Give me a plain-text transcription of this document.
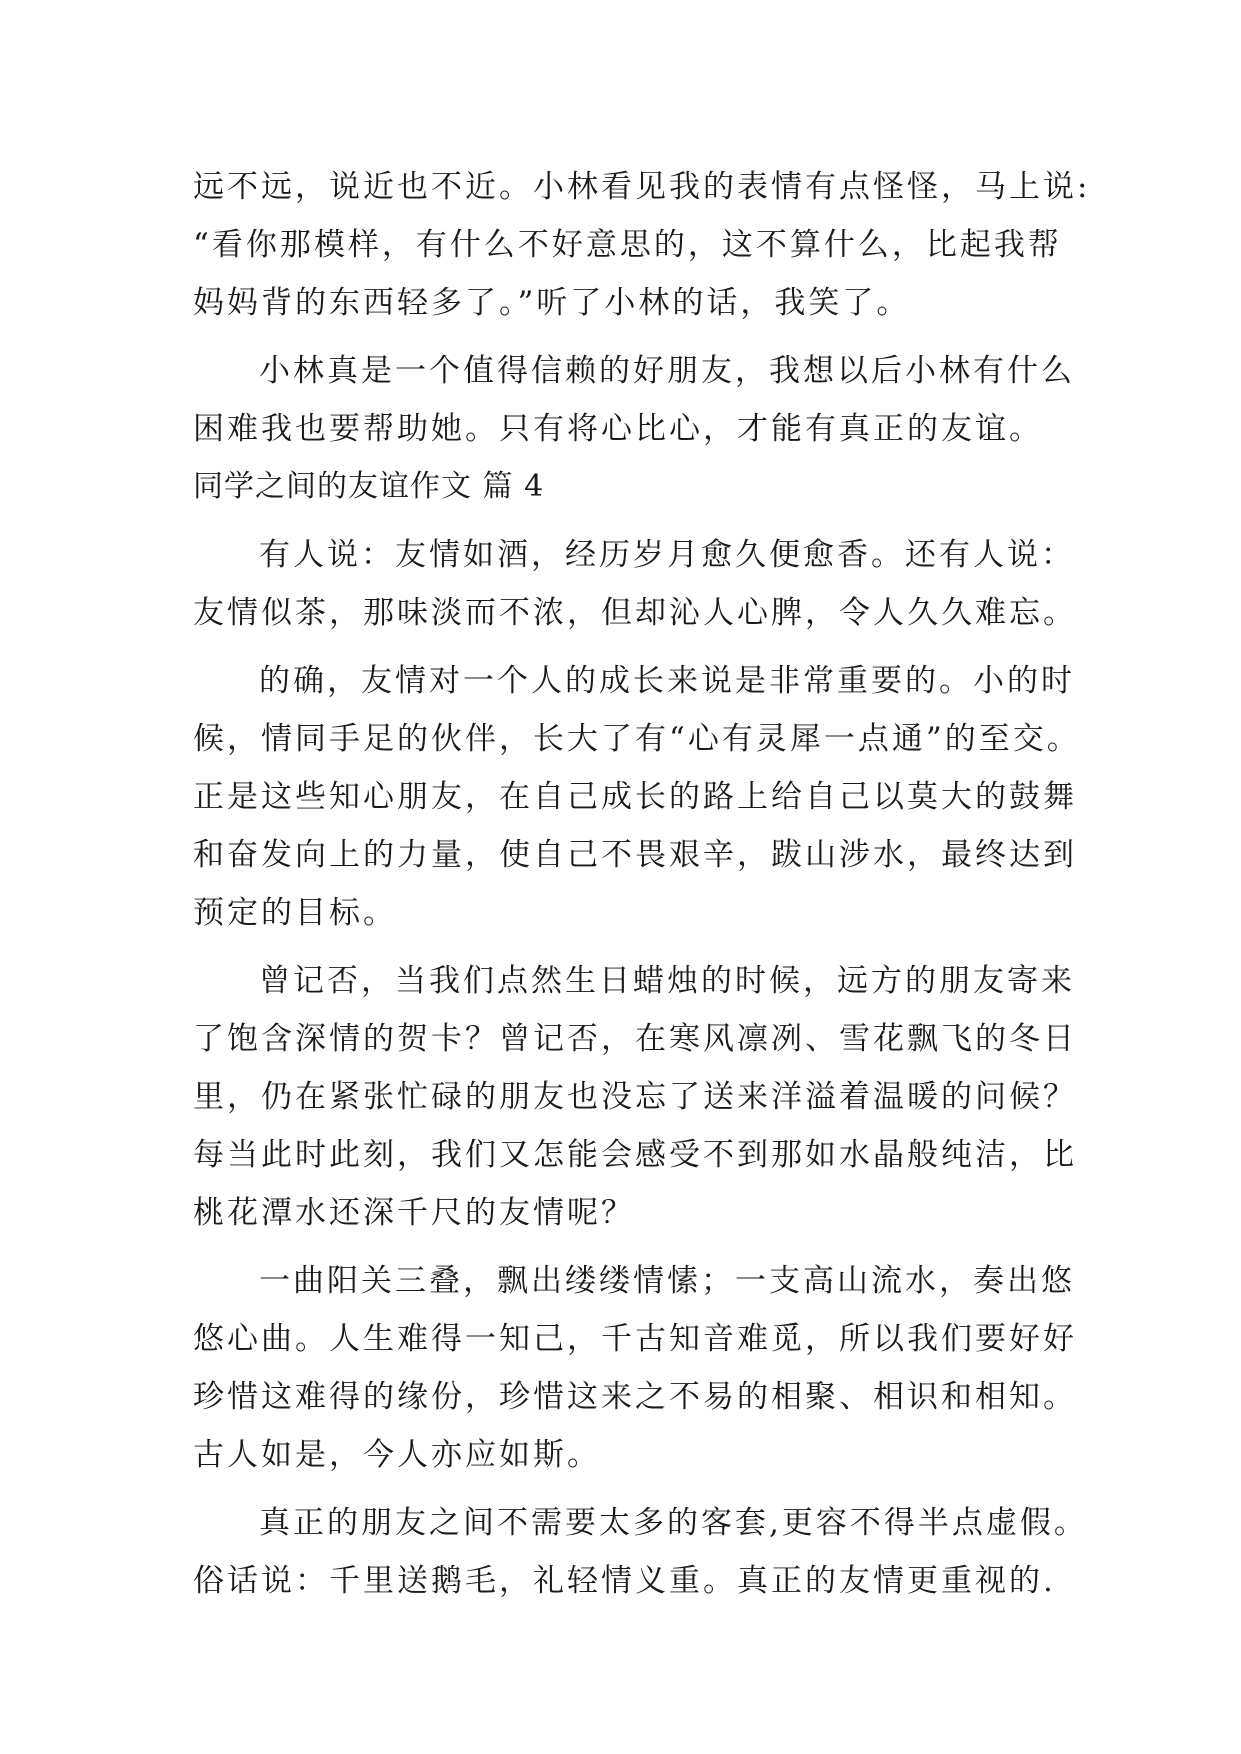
远不远，说近也不近。小林看见我的表情有点怪怪，马上说:
“看你那模样，有什么不好意思的，这不算什么，比起我帮
妈妈背的东西轻多了。”听了小林的话，我笑了。
小林真是一个值得信赖的好朋友，我想以后小林有什么
困难我也要帮助她。只有将心比心，才能有真正的友谊。
同学之间的友谊作文 篇 4
有人说：友情如酒，经历岁月愈久便愈香。还有人说：
友情似茶，那味淡而不浓，但却沁人心脾，令人久久难忘。
的确，友情对一个人的成长来说是非常重要的。小的时
候，情同手足的伙伴，长大了有“心有灵犀一点通”的至交。
正是这些知心朋友，在自己成长的路上给自己以莫大的鼓舞
和奋发向上的力量，使自己不畏艰辛，跋山涉水，最终达到
预定的目标。
曾记否，当我们点然生日蜡烛的时候，远方的朋友寄来
了饱含深情的贺卡？曾记否，在寒风凛冽、雪花飘飞的冬日
里，仍在紧张忙碌的朋友也没忘了送来洋溢着温暖的问候？
每当此时此刻，我们又怎能会感受不到那如水晶般纯洁，比
桃花潭水还深千尺的友情呢？
一曲阳关三叠，飘出缕缕情愫；一支高山流水，奏出悠
悠心曲。人生难得一知己，千古知音难觅，所以我们要好好
珍惜这难得的缘份，珍惜这来之不易的相聚、相识和相知。
古人如是，今人亦应如斯。
真正的朋友之间不需要太多的客套,更容不得半点虚假。
俗话说：千里送鹅毛，礼轻情义重。真正的友情更重视的.
